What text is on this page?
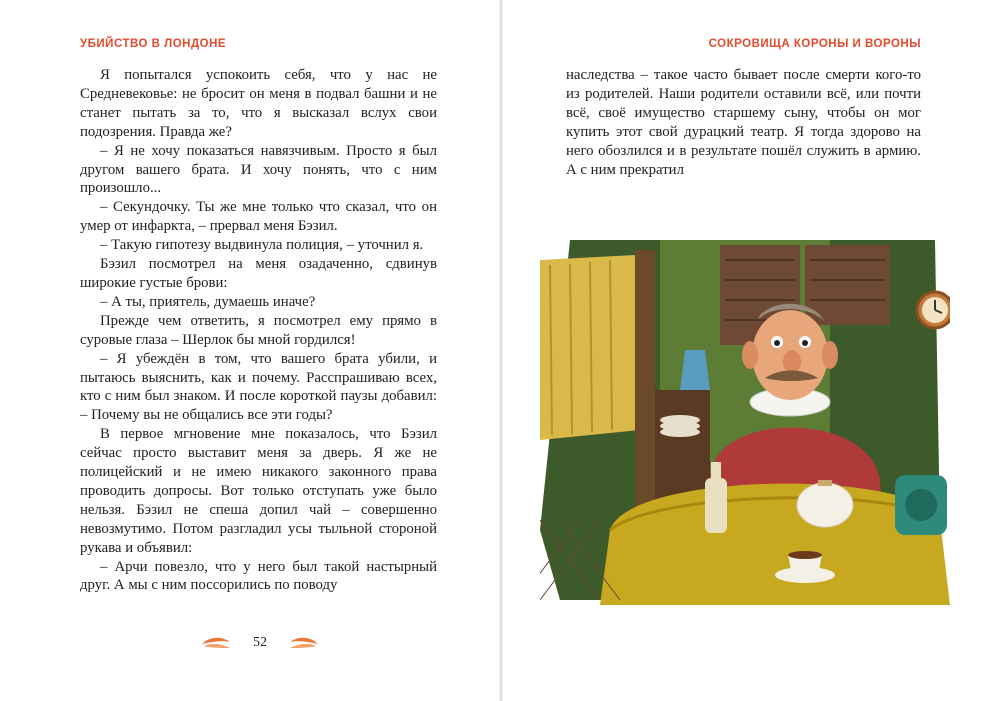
УБИЙСТВО В ЛОНДОНЕ	СОКРОВИЩА КОРОНЫ И ВОРОНЫ

Я попытался успокоить себя, что у нас не Средневековье: не бросит он меня в подвал башни и не станет пытать за то, что я высказал вслух свои подозрения. Правда же?

– Я не хочу показаться навязчивым. Просто я был другом вашего брата. И хочу понять, что с ним произошло...

– Секундочку. Ты же мне только что сказал, что он умер от инфаркта, – прервал меня Бэзил.

– Такую гипотезу выдвинула полиция, – уточнил я.

Бэзил посмотрел на меня озадаченно, сдвинув широкие густые брови:

– А ты, приятель, думаешь иначе?

Прежде чем ответить, я посмотрел ему прямо в суровые глаза – Шерлок бы мной гордился!

– Я убеждён в том, что вашего брата убили, и пытаюсь выяснить, как и почему. Расспрашиваю всех, кто с ним был знаком. И после короткой паузы добавил: – Почему вы не общались все эти годы?

В первое мгновение мне показалось, что Бэзил сейчас просто выставит меня за дверь. Я же не полицейский и не имею никакого законного права проводить допросы. Вот только отступать уже было нельзя. Бэзил не спеша допил чай – совершенно невозмутимо. Потом разгладил усы тыльной стороной рукава и объявил:

– Арчи повезло, что у него был такой настырный друг. А мы с ним поссорились по поводу

наследства – такое часто бывает после смерти кого-то из родителей. Наши родители оставили всё, или почти всё, своё имущество старшему сыну, чтобы он мог купить этот свой дурацкий театр. Я тогда здорово на него обозлился и в результате пошёл служить в армию. А с ним прекратил

52
